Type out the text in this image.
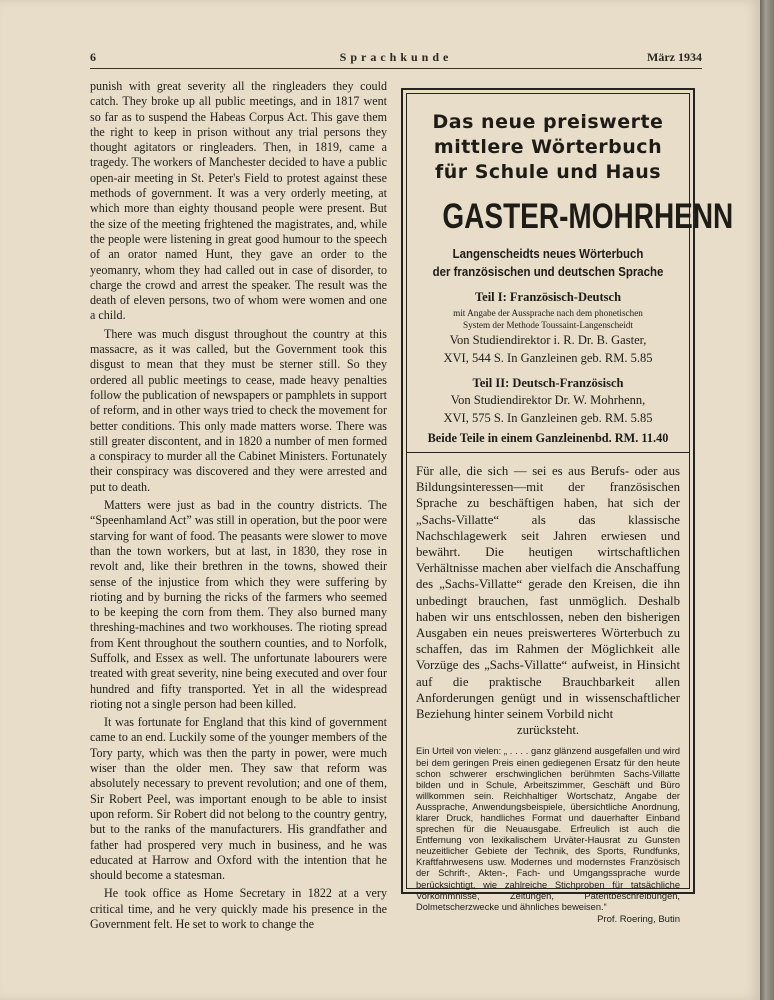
6	Sprachkunde	März 1934

punish with great severity all the ringleaders they could catch. They broke up all public meetings, and in 1817 went so far as to suspend the Habeas Corpus Act. This gave them the right to keep in prison without any trial persons they thought agitators or ringleaders. Then, in 1819, came a tragedy. The workers of Manchester decided to have a public open-air meeting in St. Peter's Field to protest against these methods of government. It was a very orderly meeting, at which more than eighty thousand people were present. But the size of the meeting frightened the magistrates, and, while the people were listening in great good humour to the speech of an orator named Hunt, they gave an order to the yeomanry, whom they had called out in case of disorder, to charge the crowd and arrest the speaker. The result was the death of eleven persons, two of whom were women and one a child.

There was much disgust throughout the country at this massacre, as it was called, but the Government took this disgust to mean that they must be sterner still. So they ordered all public meetings to cease, made heavy penalties follow the publication of newspapers or pamphlets in support of reform, and in other ways tried to check the movement for better conditions. This only made matters worse. There was still greater discontent, and in 1820 a number of men formed a conspiracy to murder all the Cabinet Ministers. Fortunately their conspiracy was discovered and they were arrested and put to death.

Matters were just as bad in the country districts. The “Speenhamland Act” was still in operation, but the poor were starving for want of food. The peasants were slower to move than the town workers, but at last, in 1830, they rose in revolt and, like their brethren in the towns, showed their sense of the injustice from which they were suffering by rioting and by burning the ricks of the farmers who seemed to be keeping the corn from them. They also burned many threshing-machines and two workhouses. The rioting spread from Kent throughout the southern counties, and to Norfolk, Suffolk, and Essex as well. The unfortunate labourers were treated with great severity, nine being executed and over four hundred and fifty transported. Yet in all the widespread rioting not a single person had been killed.

It was fortunate for England that this kind of government came to an end. Luckily some of the younger members of the Tory party, which was then the party in power, were much wiser than the older men. They saw that reform was absolutely necessary to prevent revolution; and one of them, Sir Robert Peel, was important enough to be able to insist upon reform. Sir Robert did not belong to the country gentry, but to the ranks of the manufacturers. His grandfather and father had prospered very much in business, and he was educated at Harrow and Oxford with the intention that he should become a statesman.

He took office as Home Secretary in 1822 at a very critical time, and he very quickly made his presence in the Government felt. He set to work to change the

Das neue preiswerte
mittlere Wörterbuch
für Schule und Haus
GASTER-MOHRHENN
Langenscheidts neues Wörterbuch
der französischen und deutschen Sprache
Teil I: Französisch-Deutsch
mit Angabe der Aussprache nach dem phonetischen
System der Methode Toussaint-Langenscheidt
Von Studiendirektor i. R. Dr. B. Gaster,
XVI, 544 S. In Ganzleinen geb. RM. 5.85
Teil II: Deutsch-Französisch
Von Studiendirektor Dr. W. Mohrhenn,
XVI, 575 S. In Ganzleinen geb. RM. 5.85
Beide Teile in einem Ganzleinenbd. RM. 11.40
Für alle, die sich — sei es aus Berufs- oder aus Bildungsinteressen—mit der französischen Sprache zu beschäftigen haben, hat sich der „Sachs-Villatte“ als das klassische Nachschlagewerk seit Jahren erwiesen und bewährt. Die heutigen wirtschaftlichen Verhältnisse machen aber vielfach die Anschaffung des „Sachs-Villatte“ gerade den Kreisen, die ihn unbedingt brauchen, fast unmöglich. Deshalb haben wir uns entschlossen, neben den bisherigen Ausgaben ein neues preiswerteres Wörterbuch zu schaffen, das im Rahmen der Möglichkeit alle Vorzüge des „Sachs-Villatte“ aufweist, in Hinsicht auf die praktische Brauchbarkeit allen Anforderungen genügt und in wissenschaftlicher Beziehung hinter seinem Vorbild nicht
zurücksteht.
Ein Urteil von vielen: „ . . . . ganz glänzend ausgefallen und wird bei dem geringen Preis einen gediegenen Ersatz für den heute schon schwerer erschwinglichen berühmten Sachs-Villatte bilden und in Schule, Arbeitszimmer, Geschäft und Büro willkommen sein. Reichhaltiger Wortschatz, Angabe der Aussprache, Anwendungsbeispiele, übersichtliche Anordnung, klarer Druck, handliches Format und dauerhafter Einband sprechen für die Neuausgabe. Erfreulich ist auch die Entfernung von lexikalischem Urväter-Hausrat zu Gunsten neuzeitlicher Gebiete der Technik, des Sports, Rundfunks, Kraftfahrwesens usw. Modernes und modernstes Französisch der Schrift-, Akten-, Fach- und Umgangssprache wurde berücksichtigt, wie zahlreiche Stichproben für tatsächliche Vorkommnisse, Zeitungen, Patentbeschreibungen, Dolmetscherzwecke und ähnliches beweisen.“
Prof. Roering, Butin
